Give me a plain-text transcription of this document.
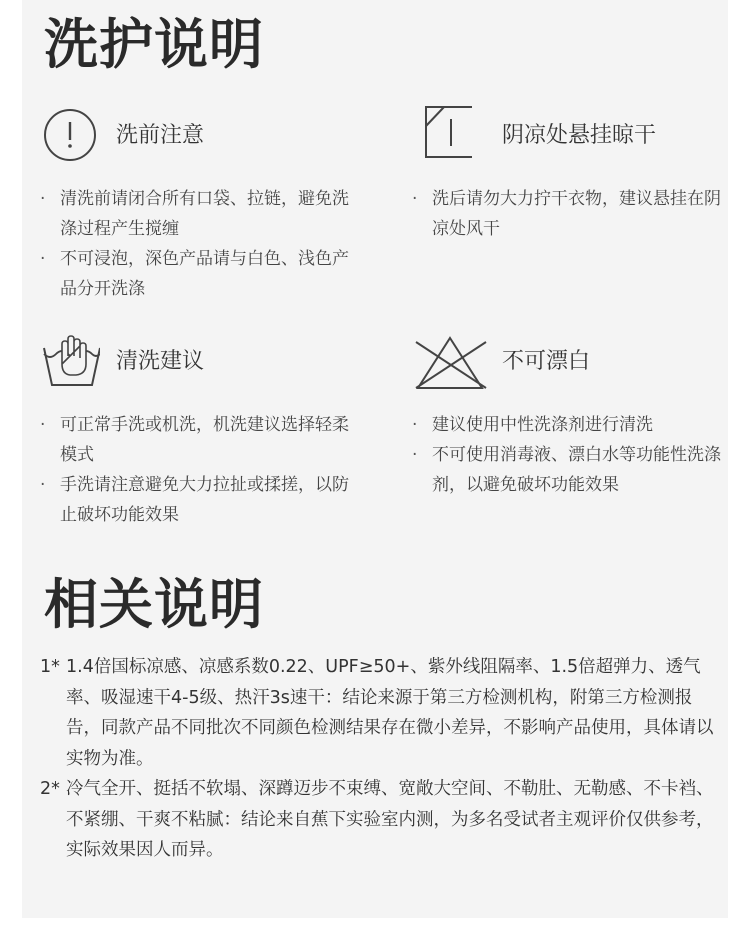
洗护说明
洗前注意
· 清洗前请闭合所有口袋、拉链，避免洗涤过程产生搅缠
· 不可浸泡，深色产品请与白色、浅色产品分开洗涤
阴凉处悬挂晾干
· 洗后请勿大力拧干衣物，建议悬挂在阴凉处风干
清洗建议
· 可正常手洗或机洗，机洗建议选择轻柔模式
· 手洗请注意避免大力拉扯或揉搓，以防止破坏功能效果
不可漂白
· 建议使用中性洗涤剂进行清洗
· 不可使用消毒液、漂白水等功能性洗涤剂，以避免破坏功能效果
相关说明
1* 1.4倍国标凉感、凉感系数0.22、UPF≥50+、紫外线阻隔率、1.5倍超弹力、透气率、吸湿速干4-5级、热汗3s速干：结论来源于第三方检测机构，附第三方检测报告，同款产品不同批次不同颜色检测结果存在微小差异，不影响产品使用，具体请以实物为准。
2* 冷气全开、挺括不软塌、深蹲迈步不束缚、宽敞大空间、不勒肚、无勒感、不卡裆、不紧绷、干爽不粘腻：结论来自蕉下实验室内测，为多名受试者主观评价仅供参考，实际效果因人而异。
